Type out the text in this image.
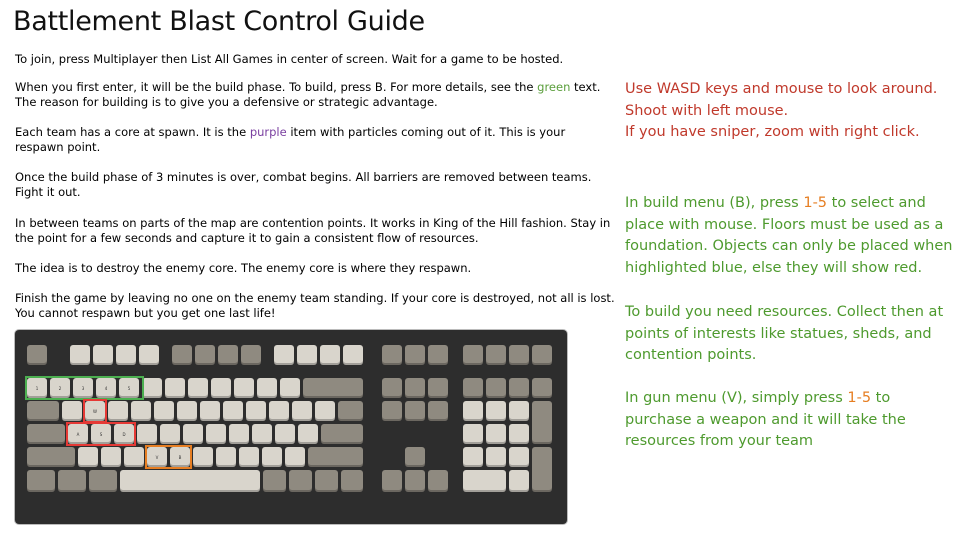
Battlement Blast Control Guide
To join, press Multiplayer then List All Games in center of screen. Wait for a game to be hosted.
When you first enter, it will be the build phase. To build, press B. For more details, see the green text. The reason for building is to give you a defensive or strategic advantage.
Each team has a core at spawn. It is the purple item with particles coming out of it. This is your respawn point.
Once the build phase of 3 minutes is over, combat begins. All barriers are removed between teams. Fight it out.
In between teams on parts of the map are contention points. It works in King of the Hill fashion. Stay in the point for a few seconds and capture it to gain a consistent flow of resources.
The idea is to destroy the enemy core. The enemy core is where they respawn.
Finish the game by leaving no one on the enemy team standing. If your core is destroyed, not all is lost. You cannot respawn but you get one last life!
Use WASD keys and mouse to look around.
Shoot with left mouse.
If you have sniper, zoom with right click.
In build menu (B), press 1-5 to select and place with mouse. Floors must be used as a foundation. Objects can only be placed when highlighted blue, else they will show red.
To build you need resources. Collect then at points of interests like statues, sheds, and contention points.
In gun menu (V), simply press 1-5 to purchase a weapon and it will take the resources from your team
1	2	3	4	5
W
A	S	D
V	B
